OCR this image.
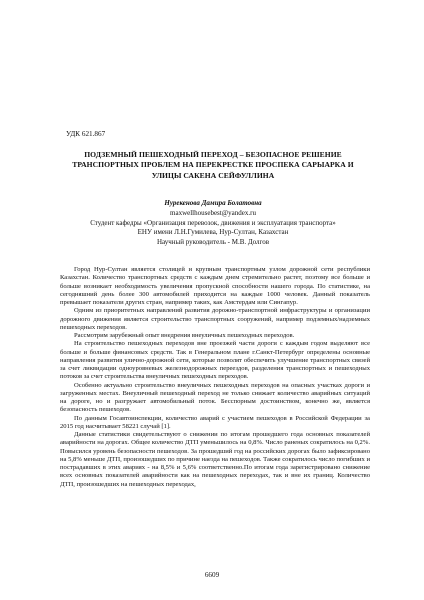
УДК 621.867
ПОДЗЕМНЫЙ ПЕШЕХОДНЫЙ ПЕРЕХОД – БЕЗОПАСНОЕ РЕШЕНИЕ ТРАНСПОРТНЫХ ПРОБЛЕМ НА ПЕРЕКРЕСТКЕ ПРОСПЕКА САРЫАРКА И УЛИЦЫ САКЕНА СЕЙФУЛЛИНА
Нурекенова Дамира Болатовна
maxwellhousebest@yandex.ru
Студент кафедры «Организация перевозок, движения и эксплуатация транспорта»
ЕНУ имени Л.Н.Гумилева, Нур-Султан, Казахстан
Научный руководитель - М.В. Долгов

Город Нур-Султан является столицей и крупным транспортным узлом дорожной сети республики Казахстан. Количество транспортных средств с каждым днем стремительно растет, поэтому все больше и больше возникает необходимость увеличения пропускной способности нашего города. По статистике, на сегодняшний день более 300 автомобилей приходится на каждые 1000 человек. Данный показатель превышает показатели других стран, например таких, как Амстердам или Сингапур.

Одним из приоритетных направлений развития дорожно-транспортной инфраструктуры и организации дорожного движения является строительство транспортных сооружений, например подземных/надземных пешеходных переходов.

Рассмотрим зарубежный опыт внедрения внеуличных пешеходных переходов.

На строительство пешеходных переходов вне проезжей части дороги с каждым годом выделяют все больше и больше финансовых средств. Так в Генеральном плане г.Санкт-Петербург определены основные направления развития улично-дорожной сети, которые позволят обеспечить улучшение транспортных связей за счет ликвидации одноуровневых железнодорожных переездов, разделения транспортных и пешеходных потоков за счет строительства внеуличных пешеходных переходов.

Особенно актуально строительство внеуличных пешеходных переходов на опасных участках дороги и загруженных местах. Внеуличный пешеходный переход не только снижает количество аварийных ситуаций на дороге, но и разгружает автомобильный поток. Бесспорным достоинством, конечно же, является безопасность пешеходов.

По данным Госавтоинспекции, количество аварий с участием пешеходов в Российской Федерации за 2015 год насчитывает 58221 случай [1].

Данные статистики свидетельствуют о снижении по итогам прошедшего года основных показателей аварийности на дорогах. Общее количество ДТП уменьшилось на 0,8%. Число раненых сократилось на 0,2%. Повысился уровень безопасности пешеходов. За прошедший год на российских дорогах было зафиксировано на 5,8% меньше ДТП, произошедших по причине наезда на пешеходов. Также сократилось число погибших и пострадавших в этих авариях - на 8,5% и 5,6% соответственно.По итогам года зарегистрировано снижение всех основных показателей аварийности как на пешеходных переходах, так и вне их границ. Количество ДТП, произошедших на пешеходных переходах,

6609
